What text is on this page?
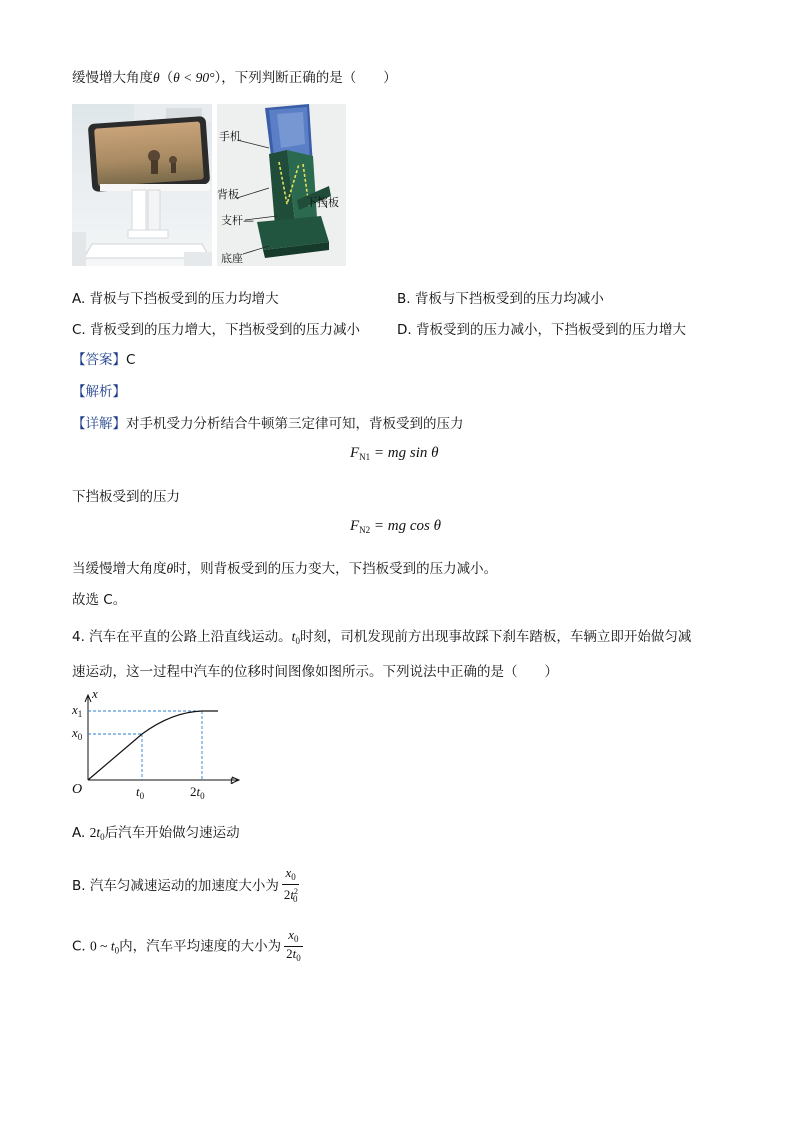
缓慢增大角度θ（θ < 90°），下列判断正确的是（　　）
手机
背板
支杆—
下挡板
底座
A. 背板与下挡板受到的压力均增大	B. 背板与下挡板受到的压力均减小
C. 背板受到的压力增大，下挡板受到的压力减小	D. 背板受到的压力减小，下挡板受到的压力增大
【答案】C
【解析】
【详解】对手机受力分析结合牛顿第三定律可知，背板受到的压力
$F_{N1}$ = mg sin θ
下挡板受到的压力
$F_{N2}$ = mg cos θ
当缓慢增大角度θ时，则背板受到的压力变大，下挡板受到的压力减小。
故选 C。
4. 汽车在平直的公路上沿直线运动。$t_0$时刻，司机发现前方出现事故踩下刹车踏板，车辆立即开始做匀减
速运动，这一过程中汽车的位移时间图像如图所示。下列说法中正确的是（　　）
x
t
O
$x_1$
$x_0$
$t_0$	$2t_0$
A. $2t_0$后汽车开始做匀速运动
B. 汽车匀减速运动的加速度大小为 $\frac{x_0}{2t^2_0}$
C. 0 ~ $t_0$内，汽车平均速度的大小为 $\frac{x_0}{2t_0}$
